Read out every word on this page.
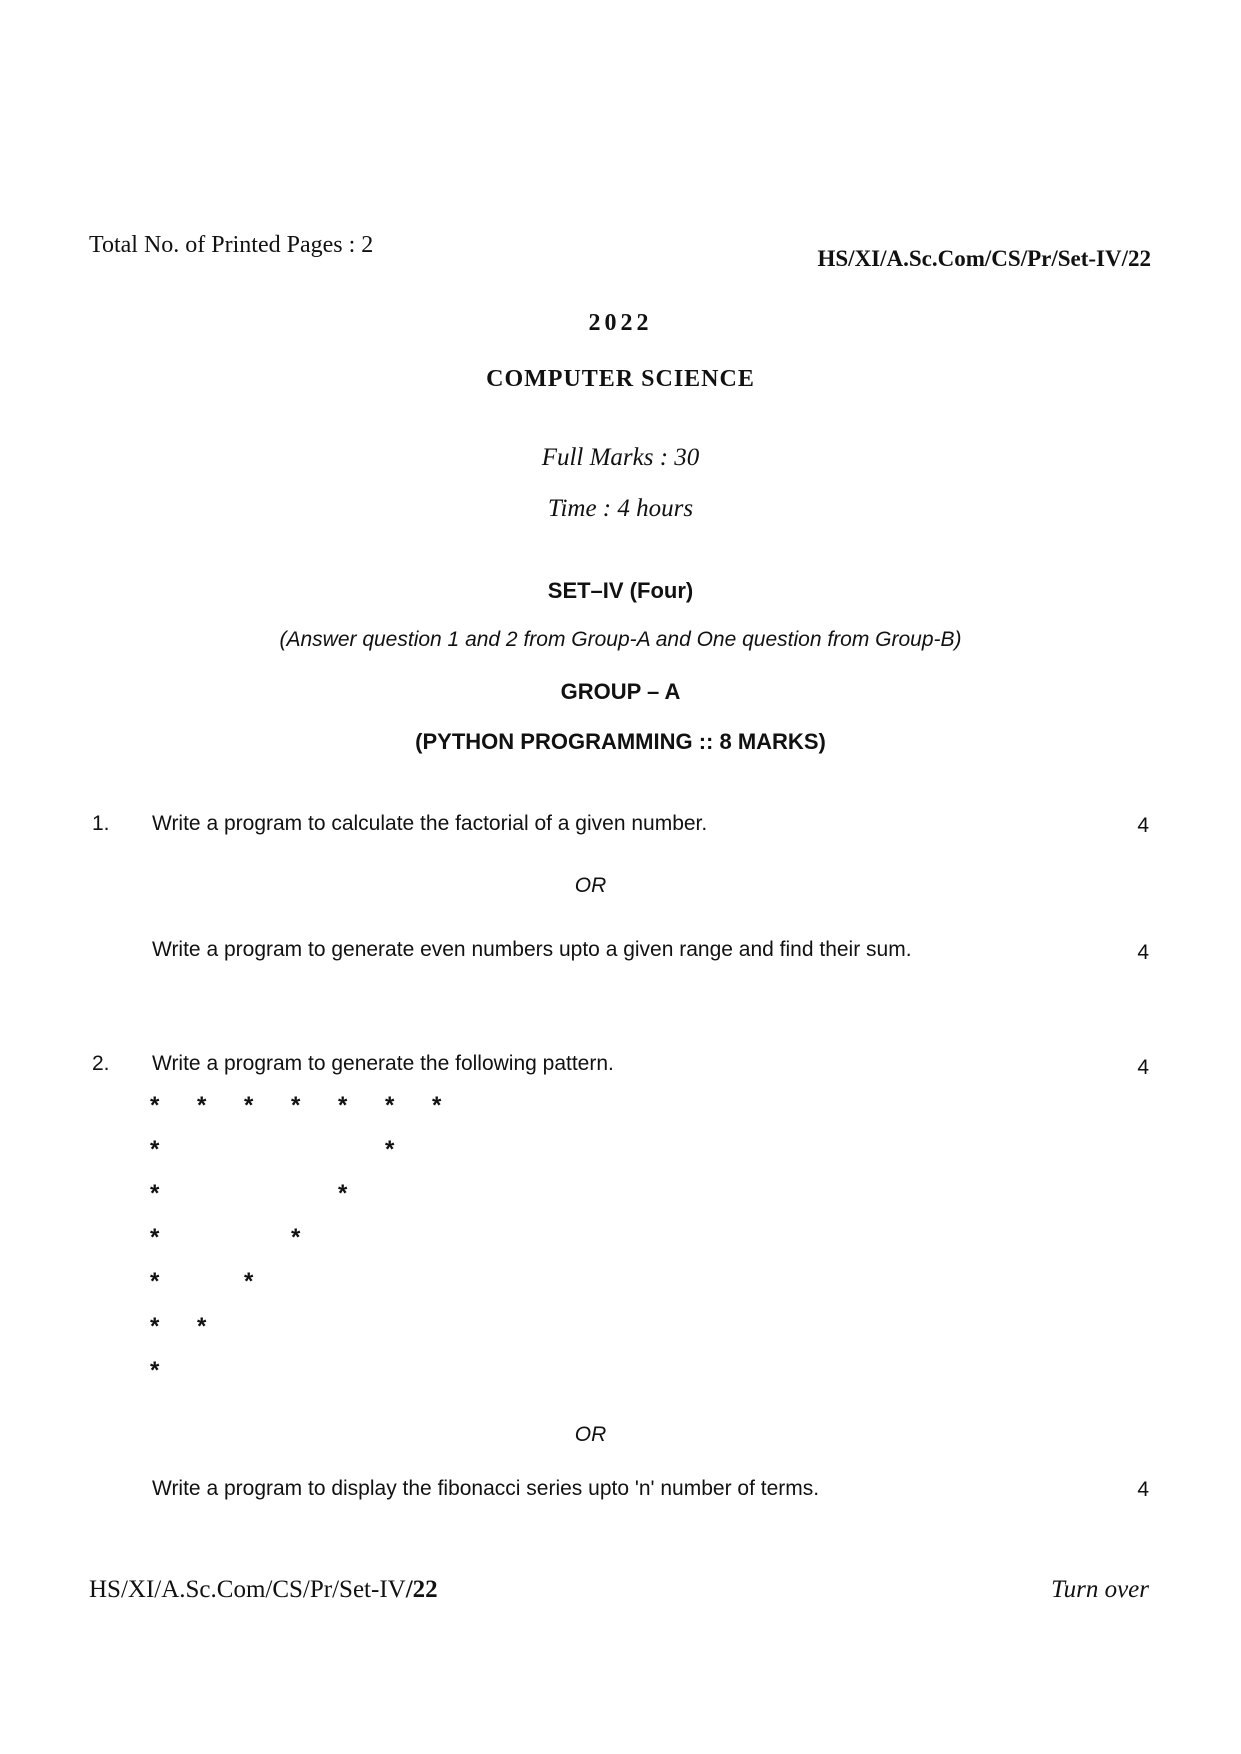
Total No. of Printed Pages : 2
HS/XI/A.Sc.Com/CS/Pr/Set-IV/22
2022
COMPUTER SCIENCE
Full Marks : 30
Time : 4 hours
SET–IV (Four)
(Answer question 1 and 2 from Group-A and One question from Group-B)
GROUP – A
(PYTHON PROGRAMMING :: 8 MARKS)
1. Write a program to calculate the factorial of a given number.	4
OR
Write a program to generate even numbers upto a given range and find their sum.	4
2. Write a program to generate the following pattern.	4
* * * * * * *
*	*
*	*
*	*
*	*
* *
*
OR
Write a program to display the fibonacci series upto 'n' number of terms.	4
HS/XI/A.Sc.Com/CS/Pr/Set-IV/22	Turn over
